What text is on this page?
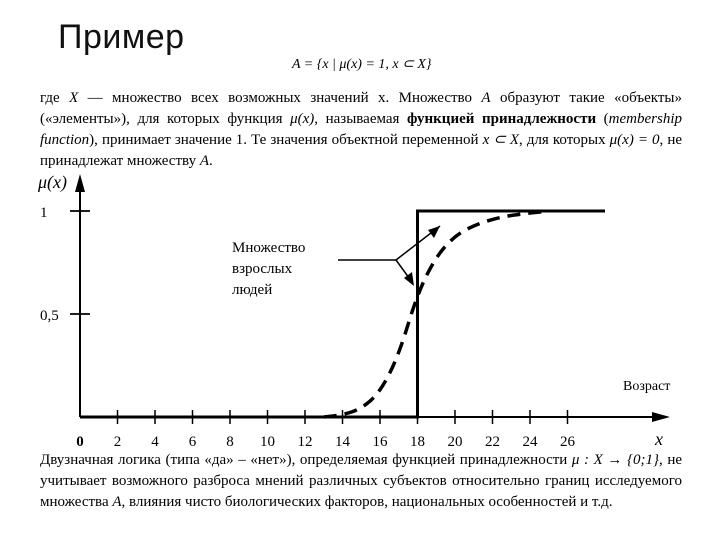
Пример
A = {x | μ(x) = 1, x ⊂ X}
где X — множество всех возможных значений x. Множество A образуют такие «объекты» («элементы»), для которых функция μ(x), называемая функцией принадлежности (membership function), принимает значение 1. Те значения объектной переменной x ⊂ X, для которых μ(x) = 0, не принадлежат множеству A.
μ(x)
x
Возраст
0,5
1
0 2 4 6 8 10 12 14 16 18 20 22 24 26
Множество
взрослых
людей
Двузначная логика (типа «да» – «нет»), определяемая функцией принадлежности μ : X → {0;1}, не учитывает возможного разброса мнений различных субъектов относительно границ исследуемого множества A, влияния чисто биологических факторов, национальных особенностей и т.д.
